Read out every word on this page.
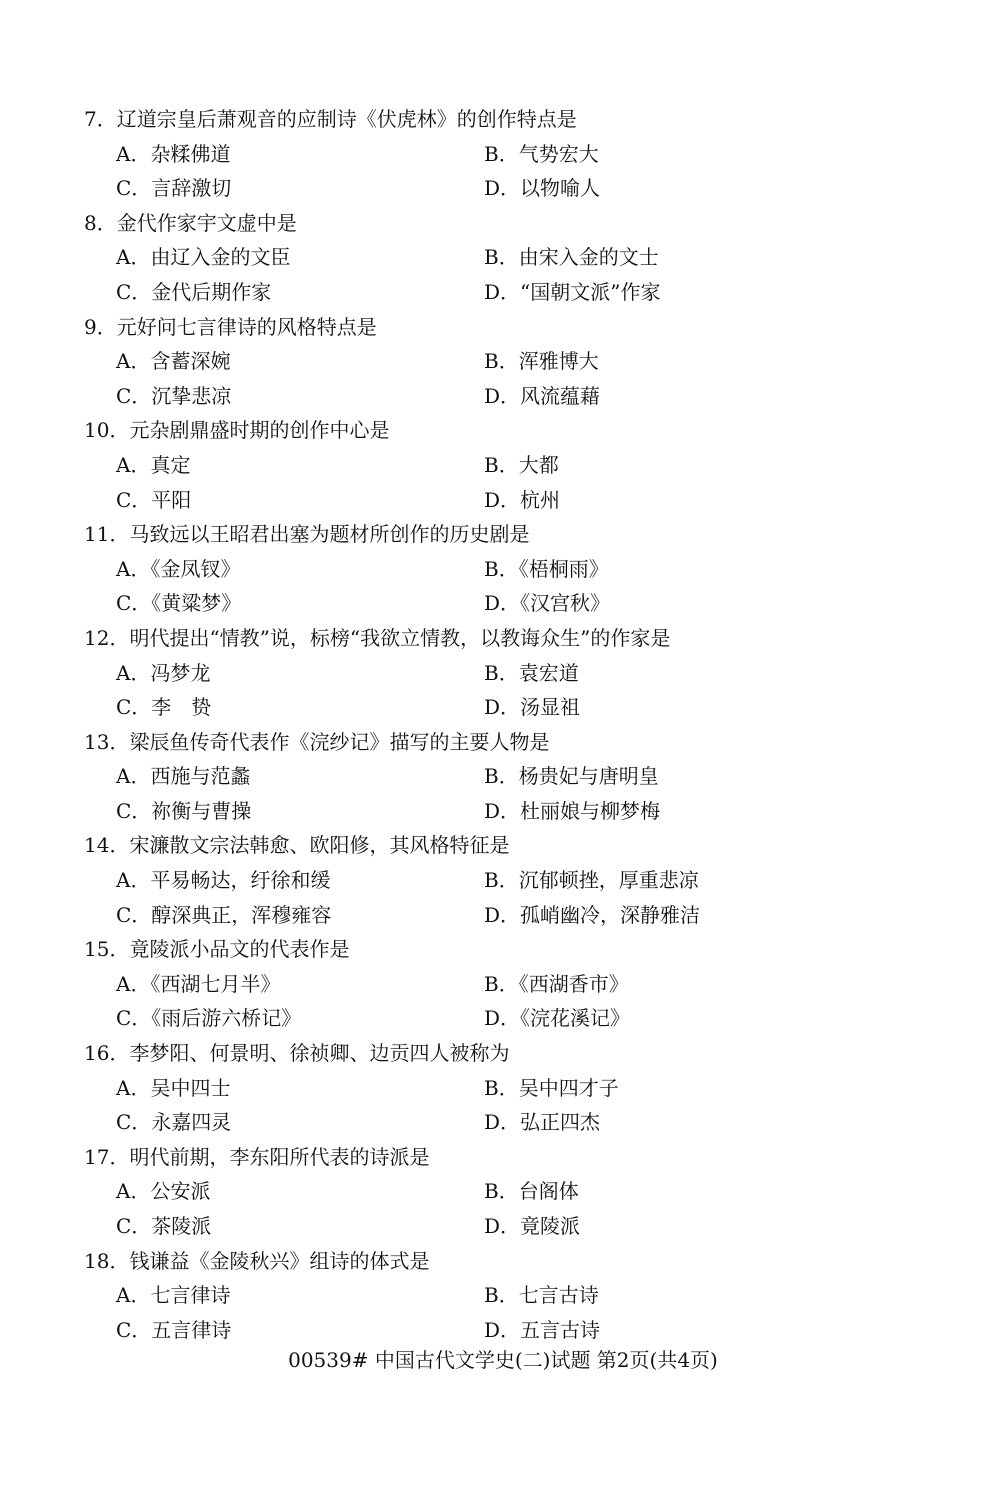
7．辽道宗皇后萧观音的应制诗《伏虎林》的创作特点是
A．杂糅佛道	B．气势宏大
C．言辞激切	D．以物喻人
8．金代作家宇文虚中是
A．由辽入金的文臣	B．由宋入金的文士
C．金代后期作家	D．“国朝文派”作家
9．元好问七言律诗的风格特点是
A．含蓄深婉	B．浑雅博大
C．沉挚悲凉	D．风流蕴藉
10．元杂剧鼎盛时期的创作中心是
A．真定	B．大都
C．平阳	D．杭州
11．马致远以王昭君出塞为题材所创作的历史剧是
A．《金凤钗》	B．《梧桐雨》
C．《黄粱梦》	D．《汉宫秋》
12．明代提出“情教”说，标榜“我欲立情教，以教诲众生”的作家是
A．冯梦龙	B．袁宏道
C．李　贽	D．汤显祖
13．梁辰鱼传奇代表作《浣纱记》描写的主要人物是
A．西施与范蠡	B．杨贵妃与唐明皇
C．祢衡与曹操	D．杜丽娘与柳梦梅
14．宋濂散文宗法韩愈、欧阳修，其风格特征是
A．平易畅达，纡徐和缓	B．沉郁顿挫，厚重悲凉
C．醇深典正，浑穆雍容	D．孤峭幽冷，深静雅洁
15．竟陵派小品文的代表作是
A．《西湖七月半》	B．《西湖香市》
C．《雨后游六桥记》	D．《浣花溪记》
16．李梦阳、何景明、徐祯卿、边贡四人被称为
A．吴中四士	B．吴中四才子
C．永嘉四灵	D．弘正四杰
17．明代前期，李东阳所代表的诗派是
A．公安派	B．台阁体
C．茶陵派	D．竟陵派
18．钱谦益《金陵秋兴》组诗的体式是
A．七言律诗	B．七言古诗
C．五言律诗	D．五言古诗
00539# 中国古代文学史(二)试题 第2页(共4页)
